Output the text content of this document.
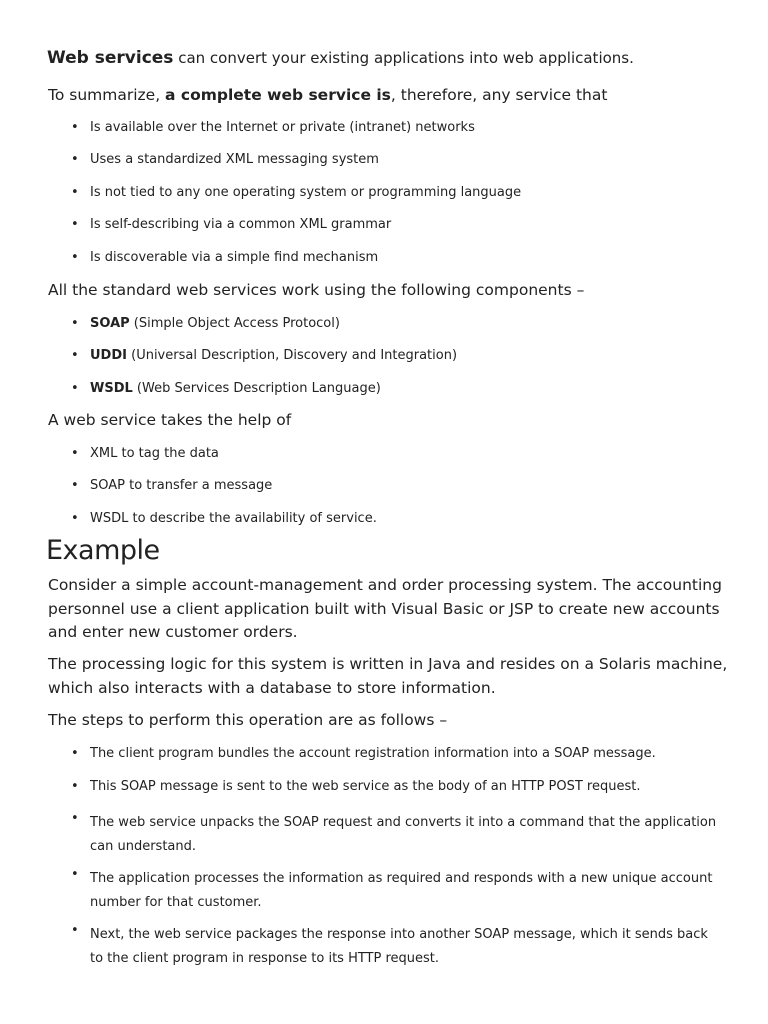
Web services can convert your existing applications into web applications.
To summarize, a complete web service is, therefore, any service that
• Is available over the Internet or private (intranet) networks
• Uses a standardized XML messaging system
• Is not tied to any one operating system or programming language
• Is self-describing via a common XML grammar
• Is discoverable via a simple find mechanism
All the standard web services work using the following components –
• SOAP (Simple Object Access Protocol)
• UDDI (Universal Description, Discovery and Integration)
• WSDL (Web Services Description Language)
A web service takes the help of
• XML to tag the data
• SOAP to transfer a message
• WSDL to describe the availability of service.
Example
Consider a simple account-management and order processing system. The accounting personnel use a client application built with Visual Basic or JSP to create new accounts and enter new customer orders.
The processing logic for this system is written in Java and resides on a Solaris machine, which also interacts with a database to store information.
The steps to perform this operation are as follows –
• The client program bundles the account registration information into a SOAP message.
• This SOAP message is sent to the web service as the body of an HTTP POST request.
• The web service unpacks the SOAP request and converts it into a command that the application can understand.
• The application processes the information as required and responds with a new unique account number for that customer.
• Next, the web service packages the response into another SOAP message, which it sends back to the client program in response to its HTTP request.
